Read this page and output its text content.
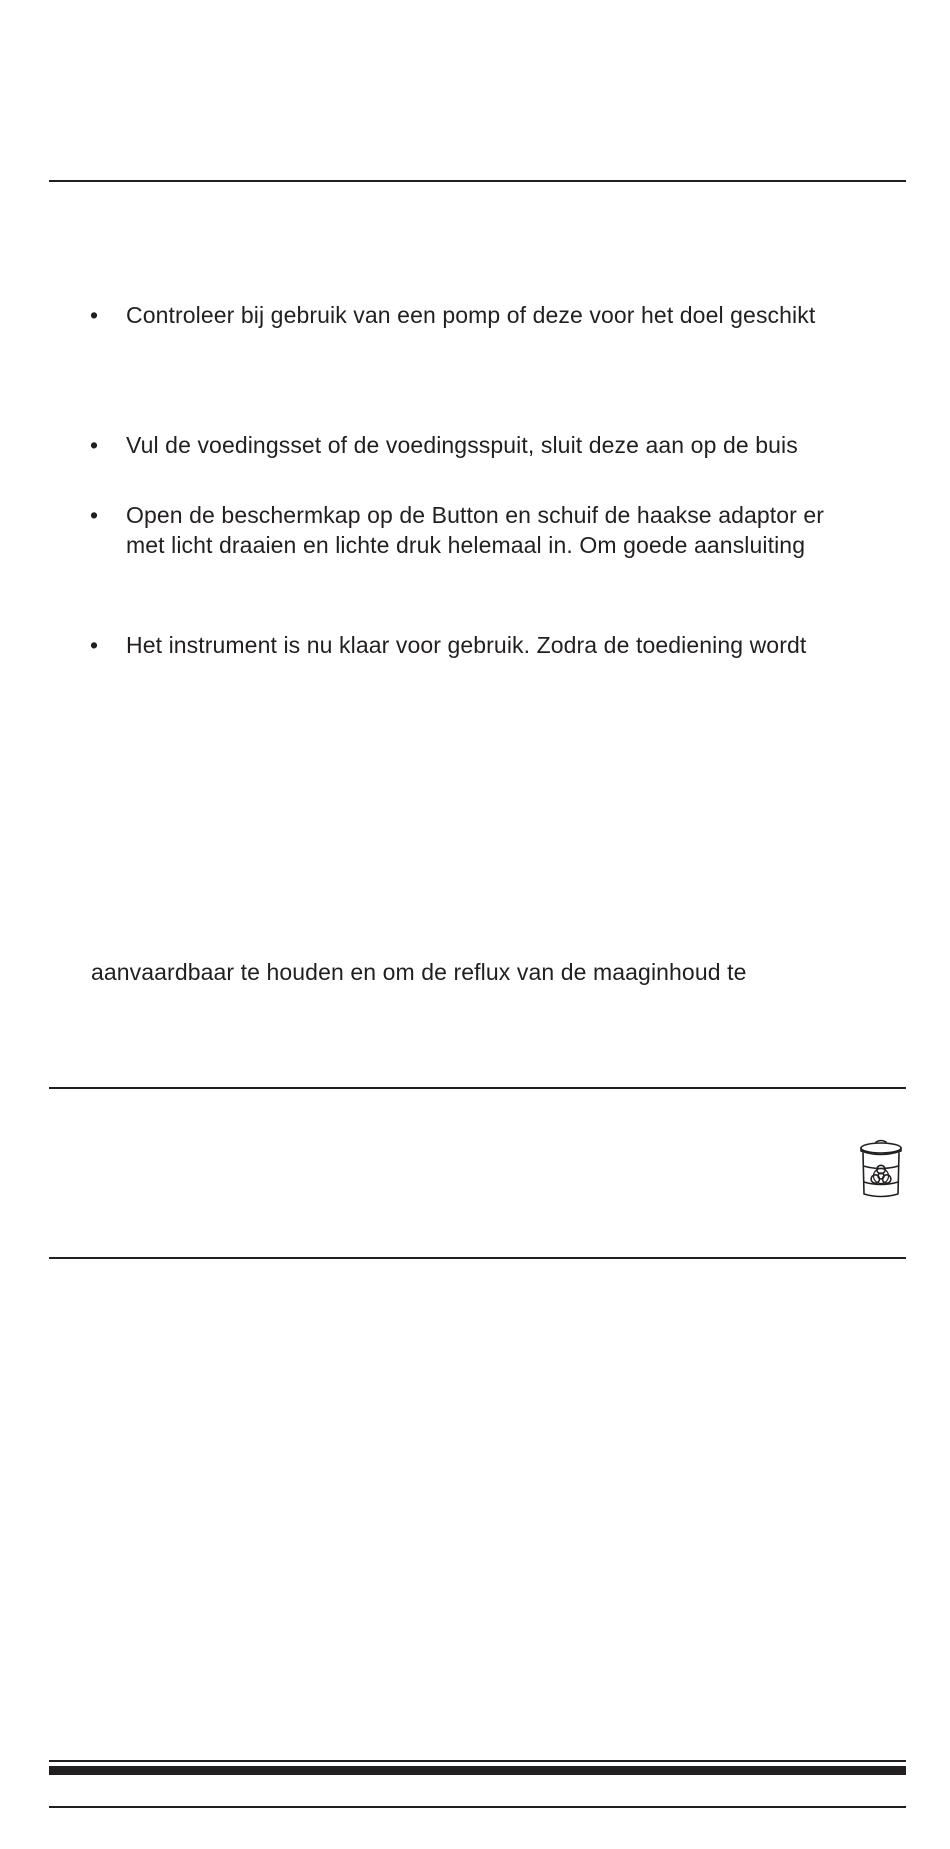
•	Controleer bij gebruik van een pomp of deze voor het doel geschikt
•	Vul de voedingsset of de voedingsspuit, sluit deze aan op de buis
•	Open de beschermkap op de Button en schuif de haakse adaptor er
met licht draaien en lichte druk helemaal in. Om goede aansluiting
•	Het instrument is nu klaar voor gebruik. Zodra de toediening wordt
aanvaardbaar te houden en om de reflux van de maaginhoud te
